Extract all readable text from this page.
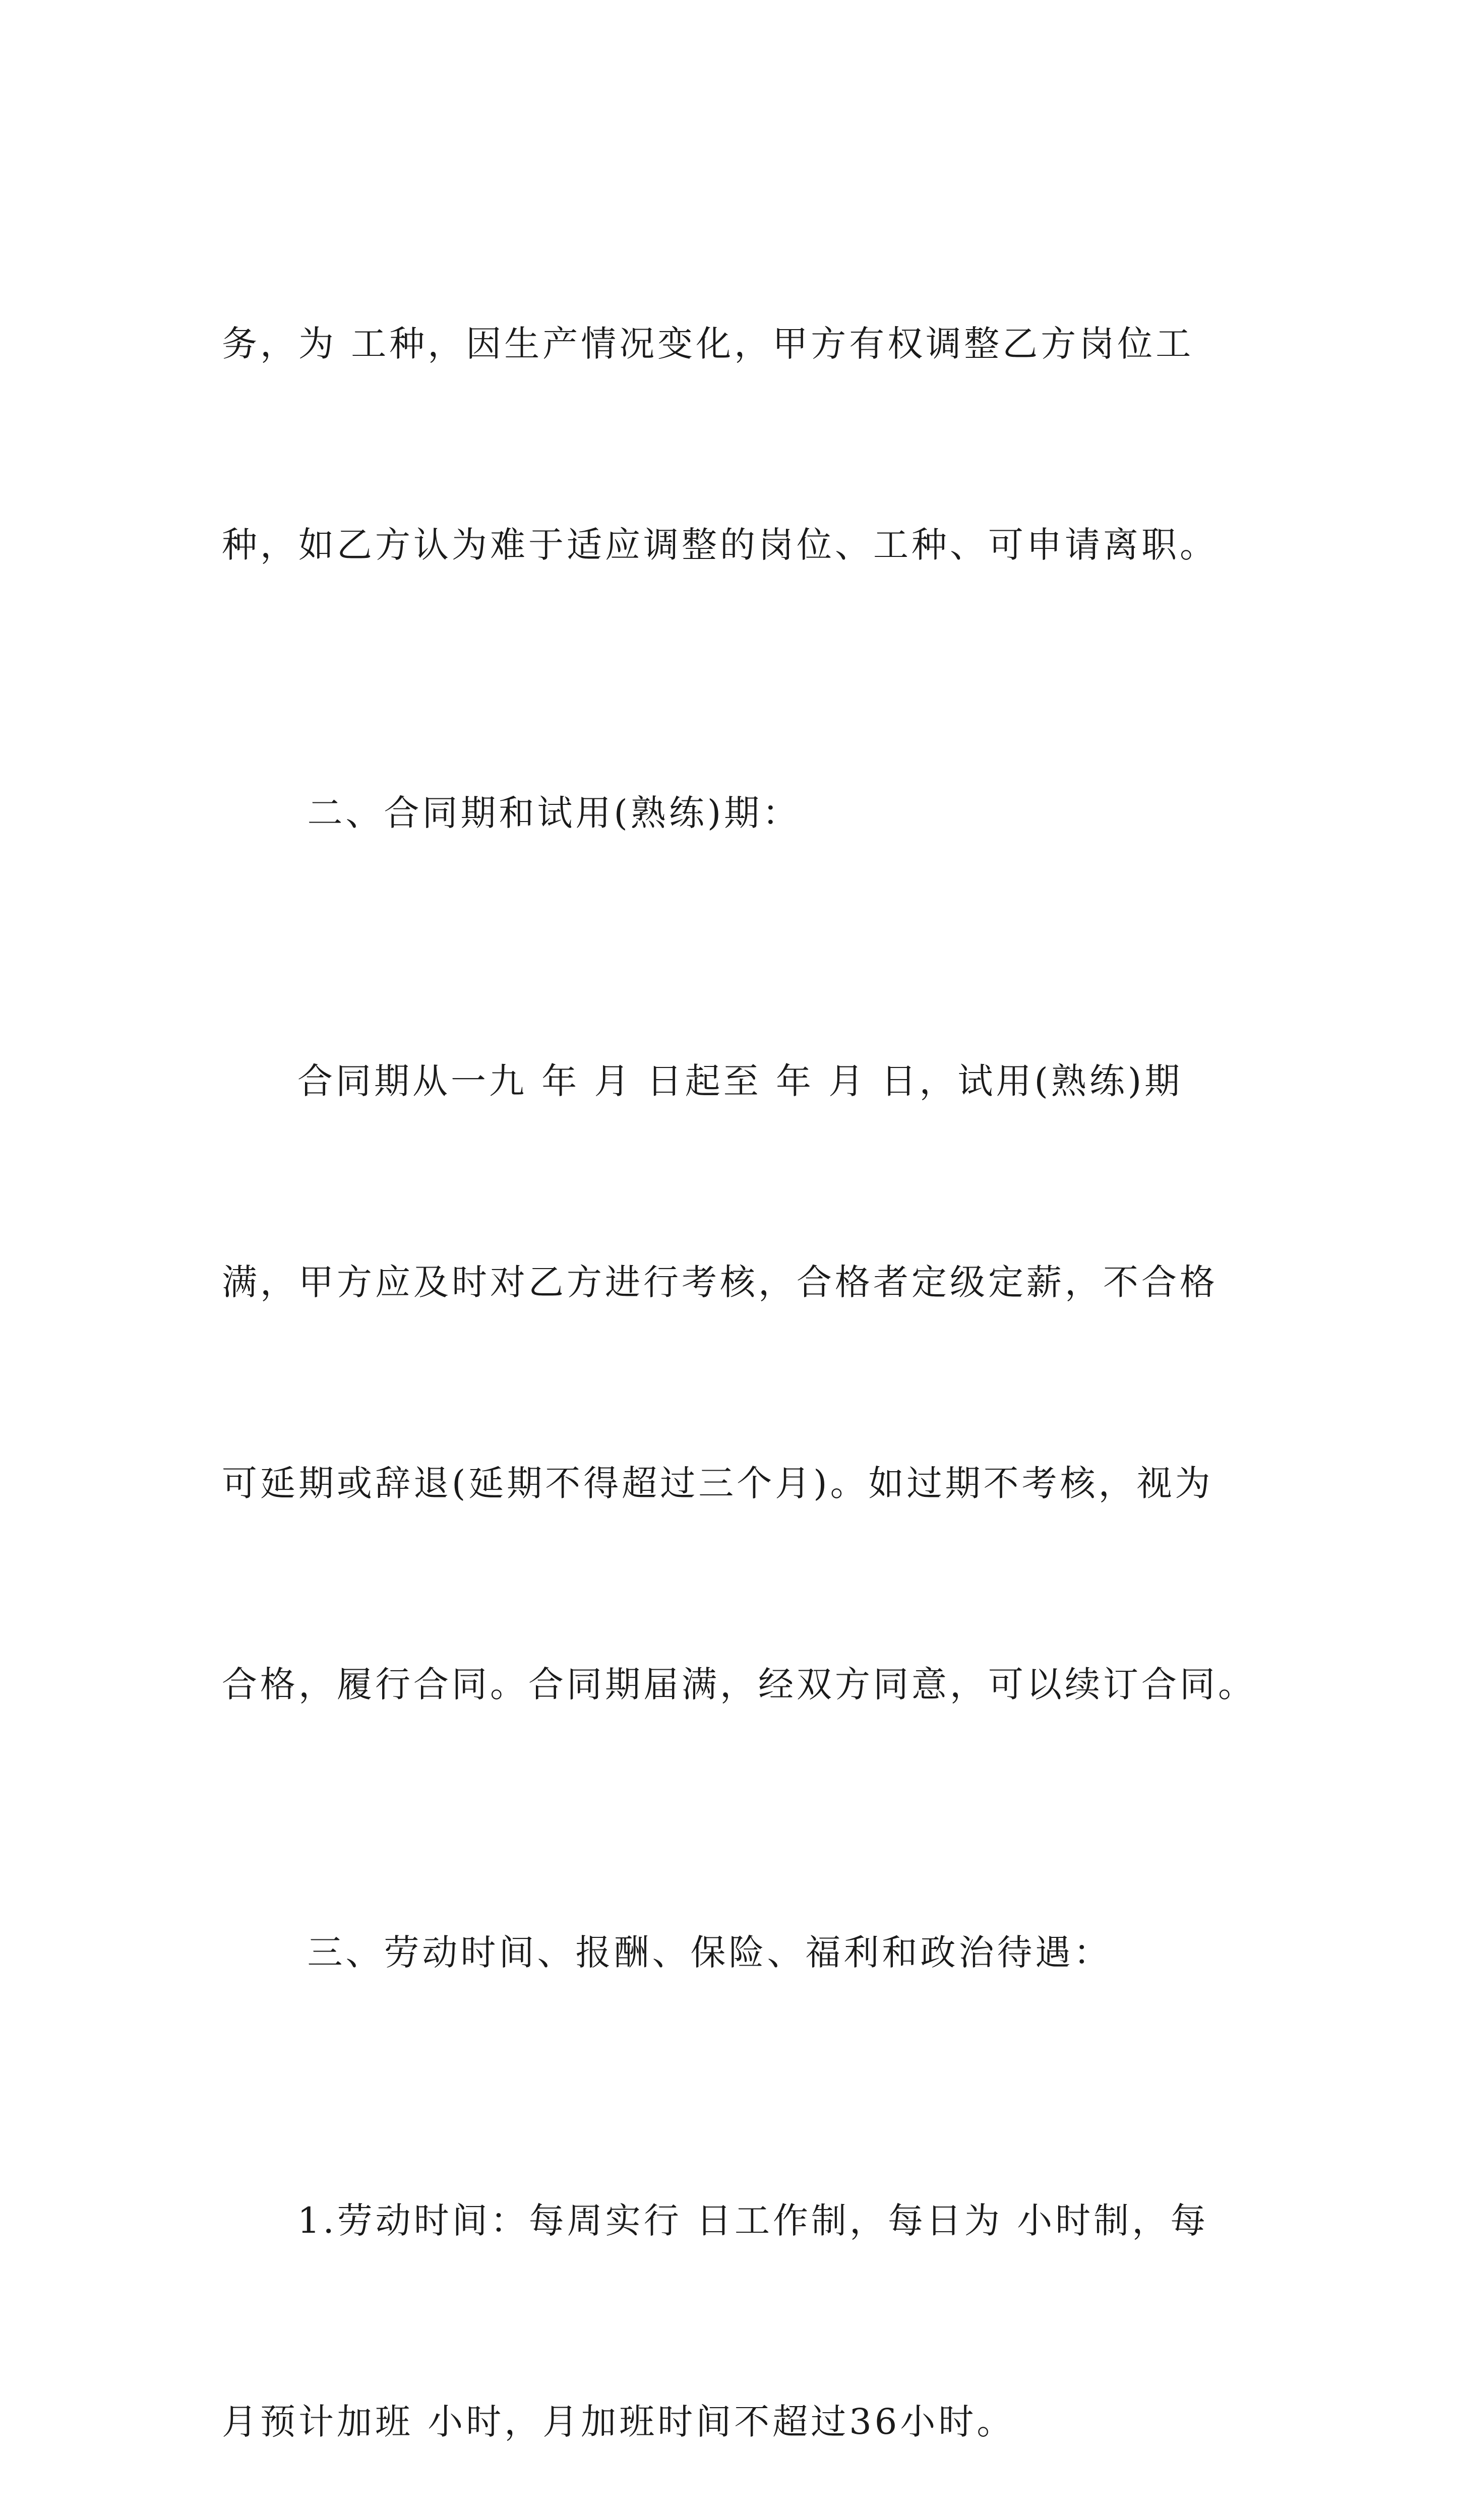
务，为 工种，因生产情况变化，甲方有权调整乙方岗位工

种，如乙方认为难于适应调整的岗位、工种、可申请离职。

二、合同期和试用(熟练)期：

合同期从一九 年 月 日起至 年 月 日，试用(熟练)期

满，甲方应及时对乙方进行考核，合格者定级定薪，不合格

可延期或辞退(延期不得超过三个月)。如过期不考核，视为

合格，履行合同。合同期届满，经双方同意，可以续订合同。

三、劳动时间、报酬、保险、福利和政治待遇：

1.劳动时间：每周实行 日工作制，每日为 小时制，每

月预计加班 小时，月加班时间不超过36小时。
